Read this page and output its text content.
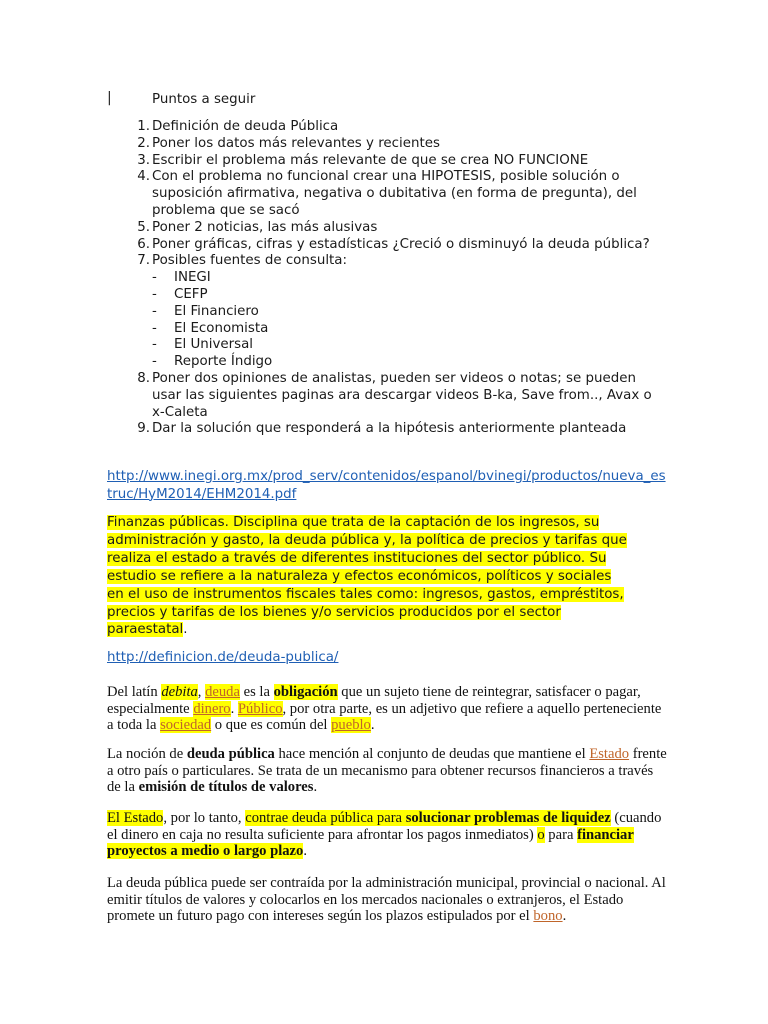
|	Puntos a seguir
1. Definición de deuda Pública
2. Poner los datos más relevantes y recientes
3. Escribir el problema más relevante de que se crea NO FUNCIONE
4. Con el problema no funcional crear una HIPOTESIS, posible solución o suposición afirmativa, negativa o dubitativa (en forma de pregunta), del problema que se sacó
5. Poner 2 noticias, las más alusivas
6. Poner gráficas, cifras y estadísticas ¿Creció o disminuyó la deuda pública?
7. Posibles fuentes de consulta:
- INEGI
- CEFP
- El Financiero
- El Economista
- El Universal
- Reporte Índigo
8. Poner dos opiniones de analistas, pueden ser videos o notas; se pueden usar las siguientes paginas ara descargar videos B-ka, Save from.., Avax o x-Caleta
9. Dar la solución que responderá a la hipótesis anteriormente planteada
http://www.inegi.org.mx/prod_serv/contenidos/espanol/bvinegi/productos/nueva_estruc/HyM2014/EHM2014.pdf
Finanzas públicas. Disciplina que trata de la captación de los ingresos, su administración y gasto, la deuda pública y, la política de precios y tarifas que realiza el estado a través de diferentes instituciones del sector público. Su estudio se refiere a la naturaleza y efectos económicos, políticos y sociales en el uso de instrumentos fiscales tales como: ingresos, gastos, empréstitos, precios y tarifas de los bienes y/o servicios producidos por el sector paraestatal.
http://definicion.de/deuda-publica/
Del latín debita, deuda es la obligación que un sujeto tiene de reintegrar, satisfacer o pagar, especialmente dinero. Público, por otra parte, es un adjetivo que refiere a aquello perteneciente a toda la sociedad o que es común del pueblo.
La noción de deuda pública hace mención al conjunto de deudas que mantiene el Estado frente a otro país o particulares. Se trata de un mecanismo para obtener recursos financieros a través de la emisión de títulos de valores.
El Estado, por lo tanto, contrae deuda pública para solucionar problemas de liquidez (cuando el dinero en caja no resulta suficiente para afrontar los pagos inmediatos) o para financiar proyectos a medio o largo plazo.
La deuda pública puede ser contraída por la administración municipal, provincial o nacional. Al emitir títulos de valores y colocarlos en los mercados nacionales o extranjeros, el Estado promete un futuro pago con intereses según los plazos estipulados por el bono.
